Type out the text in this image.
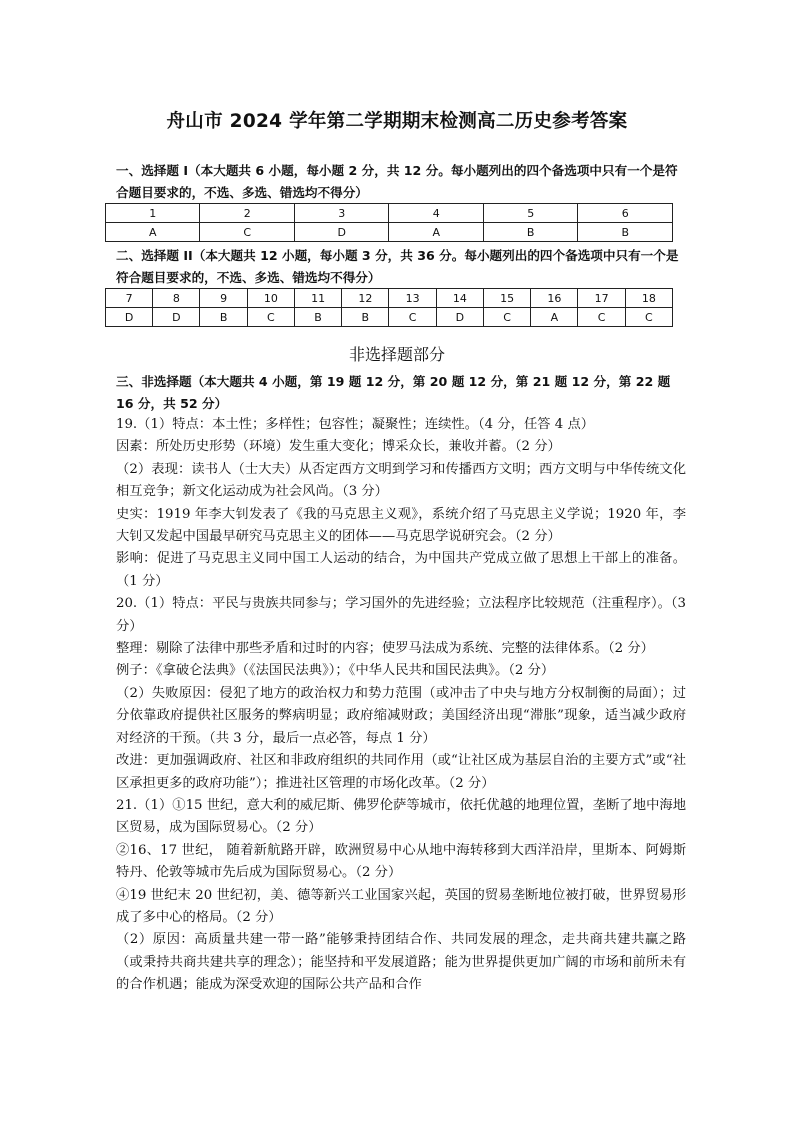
舟山市 2024 学年第二学期期末检测高二历史参考答案

一、选择题 I（本大题共 6 小题，每小题 2 分，共 12 分。每小题列出的四个备选项中只有一个是符合题目要求的，不选、多选、错选均不得分）

1	2	3	4	5	6
A	C	D	A	B	B

二、选择题 II（本大题共 12 小题，每小题 3 分，共 36 分。每小题列出的四个备选项中只有一个是符合题目要求的，不选、多选、错选均不得分）

7	8	9	10	11	12	13	14	15	16	17	18
D	D	B	C	B	B	C	D	C	A	C	C
非选择题部分

三、非选择题（本大题共 4 小题，第 19 题 12 分，第 20 题 12 分，第 21 题 12 分，第 22 题 16 分，共 52 分）

19.（1）特点：本土性；多样性；包容性；凝聚性；连续性。（4 分，任答 4 点）

因素：所处历史形势（环境）发生重大变化；博采众长，兼收并蓄。（2 分）

（2）表现：读书人（士大夫）从否定西方文明到学习和传播西方文明；西方文明与中华传统文化相互竞争；新文化运动成为社会风尚。（3 分）

史实：1919 年李大钊发表了《我的马克思主义观》，系统介绍了马克思主义学说；1920 年，李大钊又发起中国最早研究马克思主义的团体——马克思学说研究会。（2 分）

影响：促进了马克思主义同中国工人运动的结合，为中国共产党成立做了思想上干部上的准备。（1 分）

20.（1）特点：平民与贵族共同参与；学习国外的先进经验；立法程序比较规范（注重程序）。（3 分）

整理：剔除了法律中那些矛盾和过时的内容；使罗马法成为系统、完整的法律体系。（2 分）

例子：《拿破仑法典》（《法国民法典》）；《中华人民共和国民法典》。（2 分）

（2）失败原因：侵犯了地方的政治权力和势力范围（或冲击了中央与地方分权制衡的局面）；过分依靠政府提供社区服务的弊病明显；政府缩减财政；美国经济出现“滞胀”现象，适当减少政府对经济的干预。（共 3 分，最后一点必答，每点 1 分）

改进：更加强调政府、社区和非政府组织的共同作用（或“让社区成为基层自治的主要方式”或“社区承担更多的政府功能”）；推进社区管理的市场化改革。（2 分）

21.（1）①15 世纪，意大利的威尼斯、佛罗伦萨等城市，依托优越的地理位置，垄断了地中海地区贸易，成为国际贸易心。（2 分）

②16、17 世纪， 随着新航路开辟，欧洲贸易中心从地中海转移到大西洋沿岸，里斯本、阿姆斯特丹、伦敦等城市先后成为国际贸易心。（2 分）

④19 世纪末 20 世纪初，美、德等新兴工业国家兴起，英国的贸易垄断地位被打破，世界贸易形成了多中心的格局。（2 分）

（2）原因：高质量共建一带一路”能够秉持团结合作、共同发展的理念，走共商共建共赢之路（或秉持共商共建共享的理念）；能坚持和平发展道路；能为世界提供更加广阔的市场和前所未有的合作机遇；能成为深受欢迎的国际公共产品和合作
